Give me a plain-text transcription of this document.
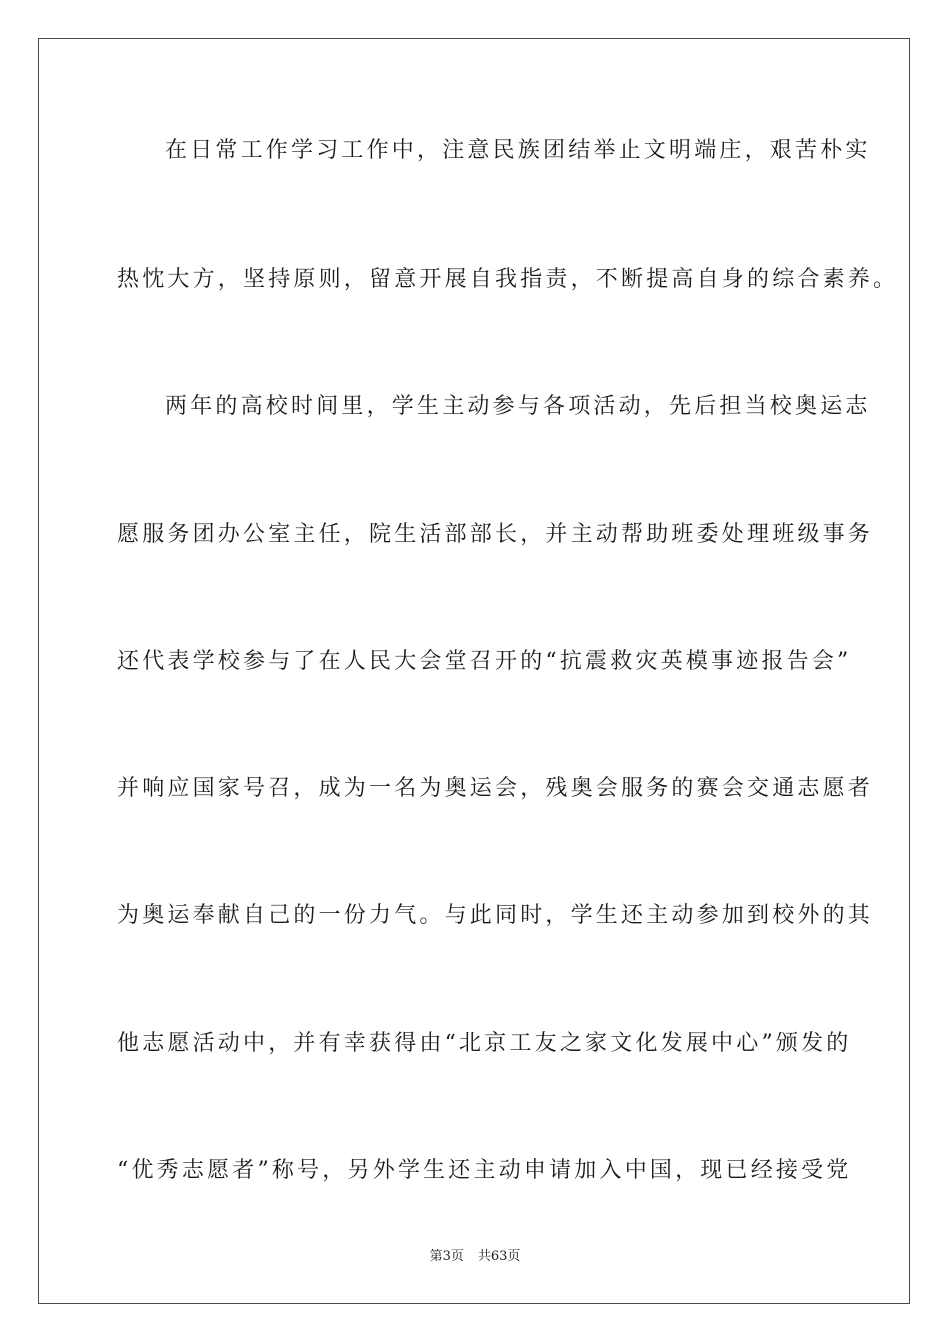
在日常工作学习工作中，注意民族团结举止文明端庄，艰苦朴实
热忱大方，坚持原则，留意开展自我指责，不断提高自身的综合素养。
两年的高校时间里，学生主动参与各项活动，先后担当校奥运志
愿服务团办公室主任，院生活部部长，并主动帮助班委处理班级事务
还代表学校参与了在人民大会堂召开的“抗震救灾英模事迹报告会”
并响应国家号召，成为一名为奥运会，残奥会服务的赛会交通志愿者
为奥运奉献自己的一份力气。与此同时，学生还主动参加到校外的其
他志愿活动中，并有幸获得由“北京工友之家文化发展中心”颁发的
“优秀志愿者”称号，另外学生还主动申请加入中国，现已经接受党
第3页 共63页
